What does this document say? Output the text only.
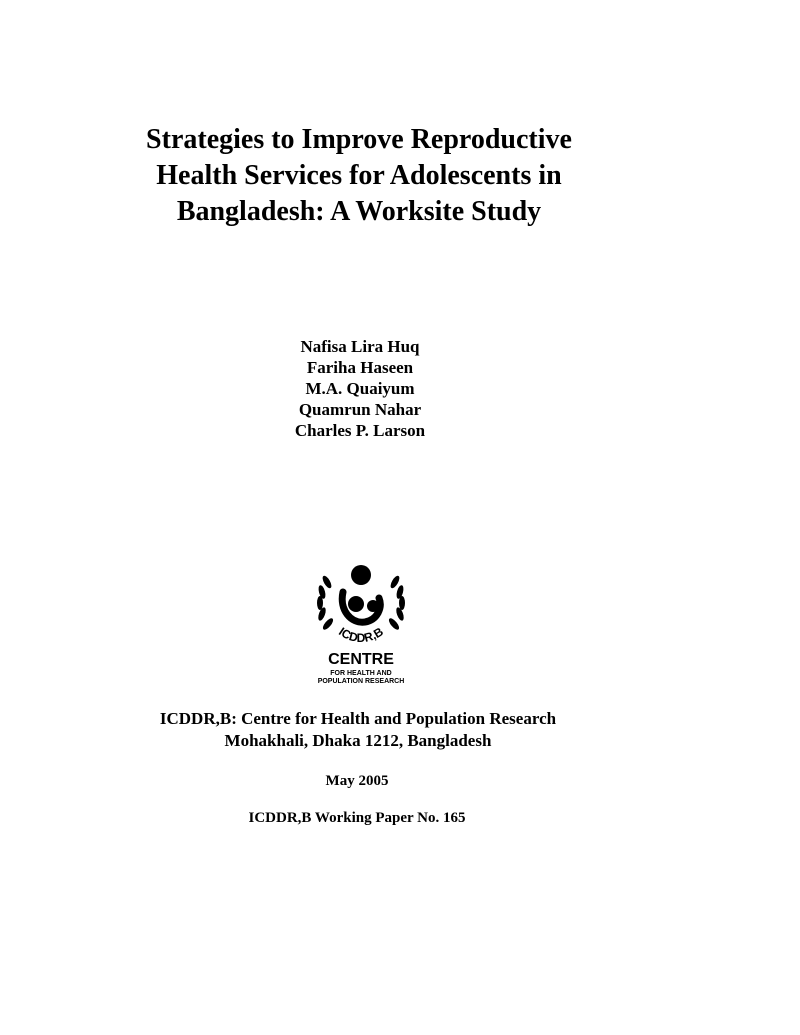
Strategies to Improve Reproductive
Health Services for Adolescents in
Bangladesh: A Worksite Study
Nafisa Lira Huq
Fariha Haseen
M.A. Quaiyum
Quamrun Nahar
Charles P. Larson
ICDDR,B
CENTRE
FOR HEALTH AND
POPULATION RESEARCH
ICDDR,B: Centre for Health and Population Research
Mohakhali, Dhaka 1212, Bangladesh
May 2005
ICDDR,B Working Paper No. 165
